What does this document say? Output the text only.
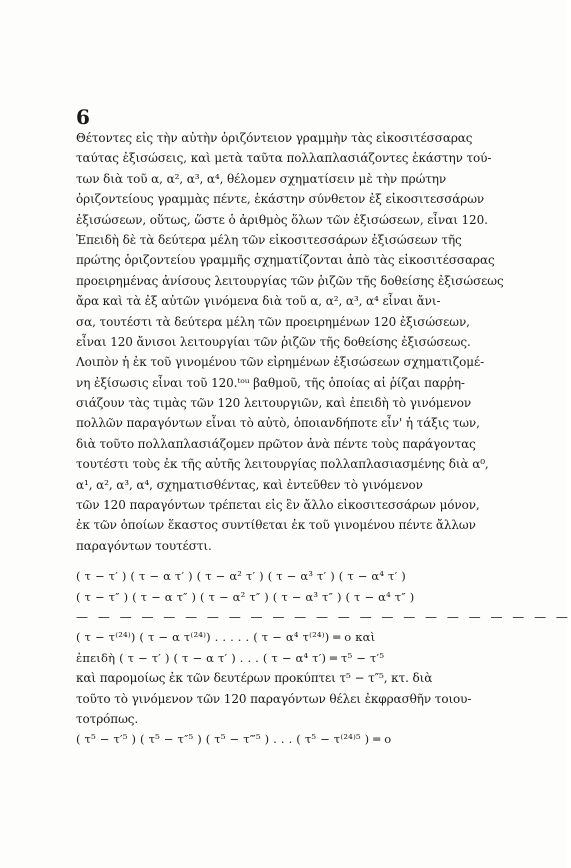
6
Θέτοντες εἰς τὴν αὐτὴν ὁριζόντειον γραμμὴν τὰς εἰκοσιτέσσαρας
ταύτας ἐξισώσεις, καὶ μετὰ ταῦτα πολλαπλασιάζοντες ἑκάστην τού-
των διὰ τοῦ α, α², α³, α⁴, θέλομεν σχηματίσειν μὲ τὴν πρώτην
ὁριζοντείους γραμμὰς πέντε, ἑκάστην σύνθετον ἐξ εἰκοσιτεσσάρων
ἐξισώσεων, οὕτως, ὥστε ὁ ἀριθμὸς ὅλων τῶν ἐξισώσεων, εἶναι 120.
Ἐπειδὴ δὲ τὰ δεύτερα μέλη τῶν εἰκοσιτεσσάρων ἐξισώσεων τῆς
πρώτης ὁριζοντείου γραμμῆς σχηματίζονται ἀπὸ τὰς εἰκοσιτέσσαρας
προειρημένας ἀνίσους λειτουργίας τῶν ῥιζῶν τῆς δοθείσης ἐξισώσεως
ἄρα καὶ τὰ ἐξ αὐτῶν γινόμενα διὰ τοῦ α, α², α³, α⁴ εἶναι ἄνι-
σα, τουτέστι τὰ δεύτερα μέλη τῶν προειρημένων 120 ἐξισώσεων,
εἶναι 120 ἄνισοι λειτουργίαι τῶν ῥιζῶν τῆς δοθείσης ἐξισώσεως.
Λοιπὸν ἡ ἐκ τοῦ γινομένου τῶν εἰρημένων ἐξισώσεων σχηματιζομέ-
νη ἐξίσωσις εἶναι τοῦ 120.ᵗᵒᵘ βαθμοῦ, τῆς ὁποίας αἱ ῥίζαι παρῥη-
σιάζουν τὰς τιμὰς τῶν 120 λειτουργιῶν, καὶ ἐπειδὴ τὸ γινόμενον
πολλῶν παραγόντων εἶναι τὸ αὐτὸ, ὁποιανδήποτε εἶν' ἡ τάξις των,
διὰ τοῦτο πολλαπλασιάζομεν πρῶτον ἀνὰ πέντε τοὺς παράγοντας
τουτέστι τοὺς ἐκ τῆς αὐτῆς λειτουργίας πολλαπλασιασμένης διὰ α⁰,
α¹, α², α³, α⁴, σχηματισθέντας, καὶ ἐντεῦθεν τὸ γινόμενον
τῶν 120 παραγόντων τρέπεται εἰς ἓν ἄλλο εἰκοσιτεσσάρων μόνον,
ἐκ τῶν ὁποίων ἕκαστος συντίθεται ἐκ τοῦ γινομένου πέντε ἄλλων
παραγόντων τουτέστι.
( τ − τ′ ) ( τ − α τ′ ) ( τ − α² τ′ ) ( τ − α³ τ′ ) ( τ − α⁴ τ′ )
( τ − τ″ ) ( τ − α τ″ ) ( τ − α² τ″ ) ( τ − α³ τ″ ) ( τ − α⁴ τ″ )
— — — — — — — — — — — — — — — — — — — — — — —
( τ − τ⁽²⁴⁾) ( τ − α τ⁽²⁴⁾) . . . . . ( τ − α⁴ τ⁽²⁴⁾) ═ ο καὶ
ἐπειδὴ ( τ − τ′ ) ( τ − α τ′ ) . . . ( τ − α⁴ τ′) ═ τ⁵ − τ′⁵
καὶ παρομοίως ἐκ τῶν δευτέρων προκύπτει τ⁵ − τ″⁵, κτ. διὰ
τοῦτο τὸ γινόμενον τῶν 120 παραγόντων θέλει ἐκφρασθῆν τοιου-
τοτρόπως.
( τ⁵ − τ′⁵ ) ( τ⁵ − τ″⁵ ) ( τ⁵ − τ‴⁵ ) . . . ( τ⁵ − τ⁽²⁴⁾⁵ ) ═ ο
